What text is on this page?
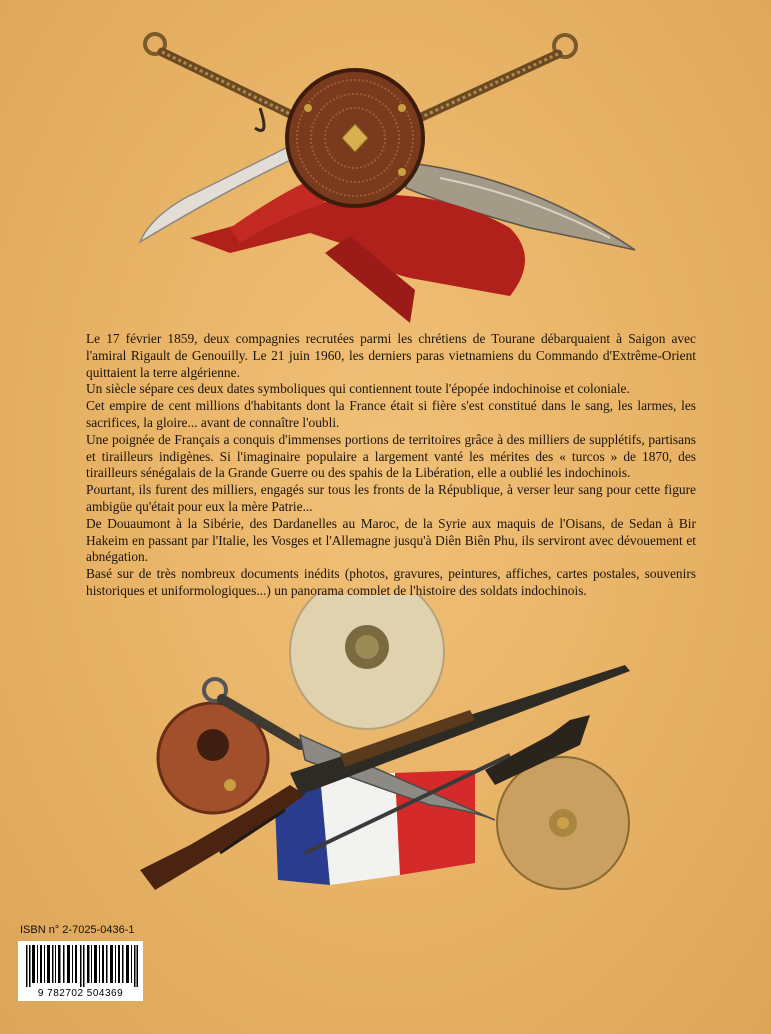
Le 17 février 1859, deux compagnies recrutées parmi les chrétiens de Tourane débarquaient à Saigon avec l'amiral Rigault de Genouilly. Le 21 juin 1960, les derniers paras vietnamiens du Commando d'Extrême-Orient quittaient la terre algérienne.

Un siècle sépare ces deux dates symboliques qui contiennent toute l'épopée indochinoise et coloniale.

Cet empire de cent millions d'habitants dont la France était si fière s'est constitué dans le sang, les larmes, les sacrifices, la gloire... avant de connaître l'oubli.

Une poignée de Français a conquis d'immenses portions de territoires grâce à des milliers de supplétifs, partisans et tirailleurs indigènes. Si l'imaginaire populaire a largement vanté les mérites des « turcos » de 1870, des tirailleurs sénégalais de la Grande Guerre ou des spahis de la Libération, elle a oublié les indochinois.

Pourtant, ils furent des milliers, engagés sur tous les fronts de la République, à verser leur sang pour cette figure ambigüe qu'était pour eux la mère Patrie...

De Douaumont à la Sibérie, des Dardanelles au Maroc, de la Syrie aux maquis de l'Oisans, de Sedan à Bir Hakeim en passant par l'Italie, les Vosges et l'Allemagne jusqu'à Diên Biên Phu, ils serviront avec dévouement et abnégation.

Basé sur de très nombreux documents inédits (photos, gravures, peintures, affiches, cartes postales, souvenirs historiques et uniformologiques...) un panorama complet de l'histoire des soldats indochinois.

ISBN n° 2-7025-0436-1
9 782702 504369
